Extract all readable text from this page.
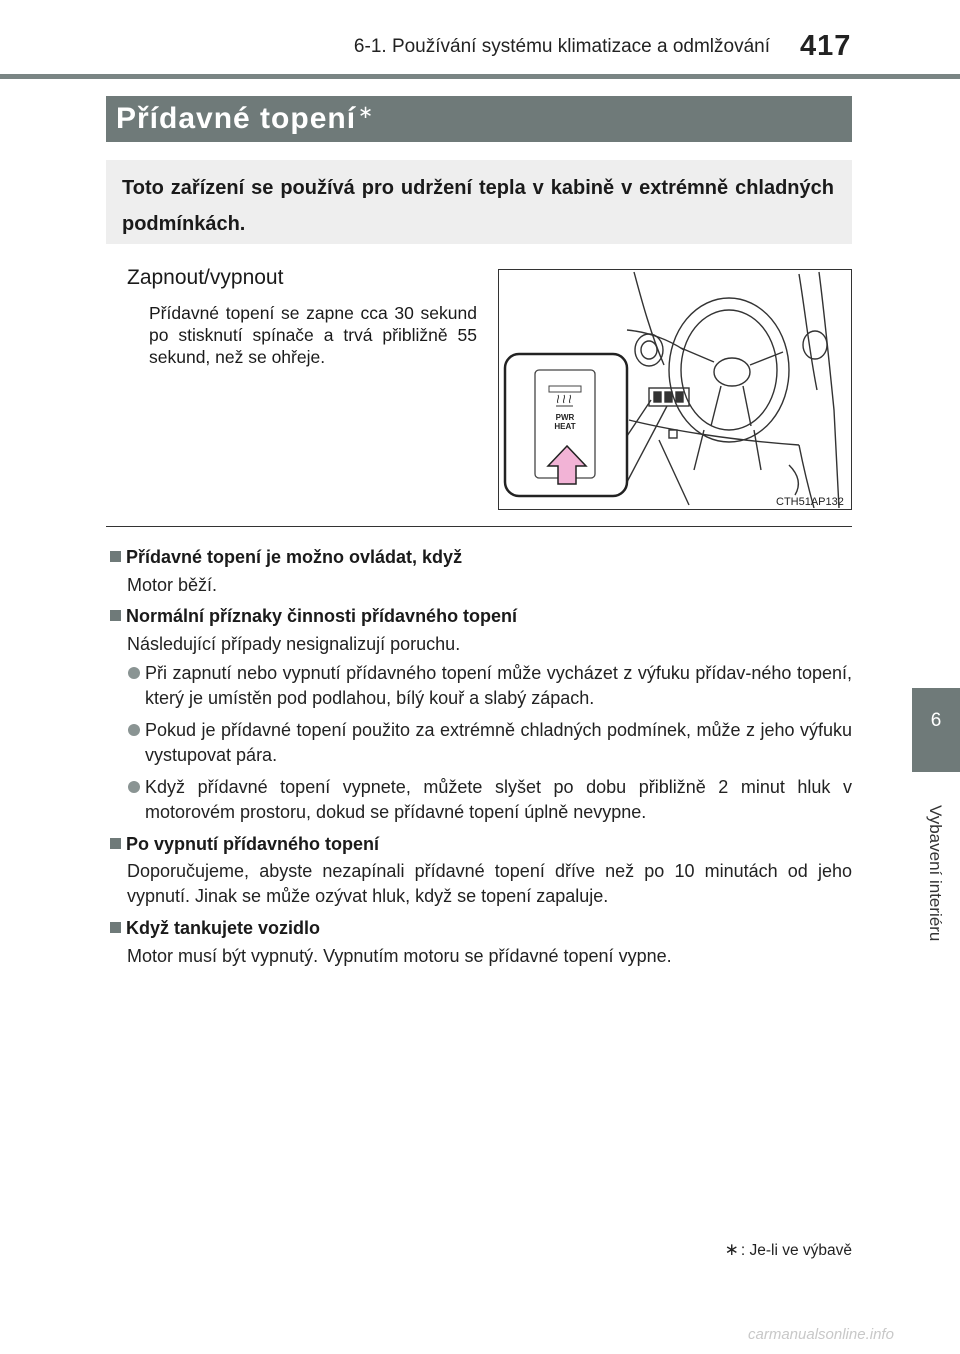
6-1. Používání systému klimatizace a odmlžování 417
Přídavné topení ∗
Toto zařízení se používá pro udržení tepla v kabině v extrémně chladných podmínkách.
Zapnout/vypnout
Přídavné topení se zapne cca 30 sekund po stisknutí spínače a trvá přibližně 55 sekund, než se ohřeje.
PWR
HEAT
CTH51AP132
Přídavné topení je možno ovládat, když
Motor běží.
Normální příznaky činnosti přídavného topení
Následující případy nesignalizují poruchu.
Při zapnutí nebo vypnutí přídavného topení může vycházet z výfuku přídav-ného topení, který je umístěn pod podlahou, bílý kouř a slabý zápach.
Pokud je přídavné topení použito za extrémně chladných podmínek, může z jeho výfuku vystupovat pára.
Když přídavné topení vypnete, můžete slyšet po dobu přibližně 2 minut hluk v motorovém prostoru, dokud se přídavné topení úplně nevypne.
Po vypnutí přídavného topení
Doporučujeme, abyste nezapínali přídavné topení dříve než po 10 minutách od jeho vypnutí. Jinak se může ozývat hluk, když se topení zapaluje.
Když tankujete vozidlo
Motor musí být vypnutý. Vypnutím motoru se přídavné topení vypne.
6
Vybavení interiéru
∗ : Je-li ve výbavě
carmanualsonline.info
